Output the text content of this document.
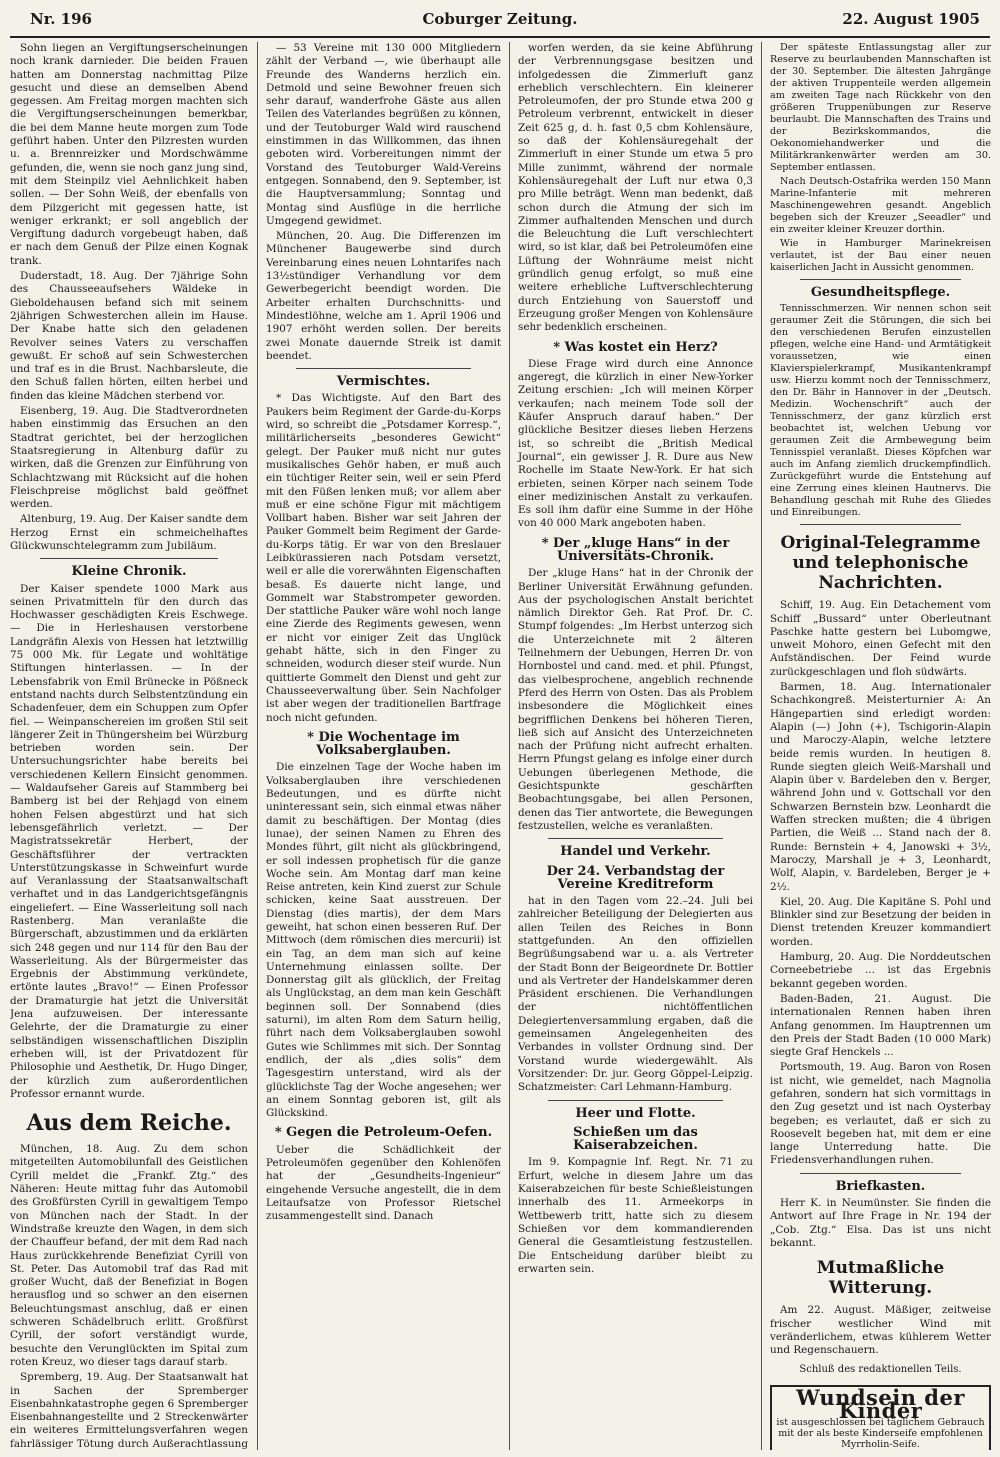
Nr. 196	Coburger Zeitung.	22. August 1905

Sohn liegen an Vergiftungserscheinungen noch krank darnieder. Die beiden Frauen hatten am Donnerstag nachmittag Pilze gesucht und diese an demselben Abend gegessen. Am Freitag morgen machten sich die Vergiftungserscheinungen bemerkbar, die bei dem Manne heute morgen zum Tode geführt haben. Unter den Pilzresten wurden u. a. Brennreizker und Mordschwämme gefunden, die, wenn sie noch ganz jung sind, mit dem Steinpilz viel Aehnlichkeit haben sollen. — Der Sohn Weiß, der ebenfalls von dem Pilzgericht mit gegessen hatte, ist weniger erkrankt; er soll angeblich der Vergiftung dadurch vorgebeugt haben, daß er nach dem Genuß der Pilze einen Kognak trank.

Duderstadt, 18. Aug. Der 7jährige Sohn des Chausseeaufsehers Wäldeke in Gieboldehausen befand sich mit seinem 2jährigen Schwesterchen allein im Hause. Der Knabe hatte sich den geladenen Revolver seines Vaters zu verschaffen gewußt. Er schoß auf sein Schwesterchen und traf es in die Brust. Nachbarsleute, die den Schuß fallen hörten, eilten herbei und finden das kleine Mädchen sterbend vor.

Eisenberg, 19. Aug. Die Stadtverordneten haben einstimmig das Ersuchen an den Stadtrat gerichtet, bei der herzoglichen Staatsregierung in Altenburg dafür zu wirken, daß die Grenzen zur Einführung von Schlachtzwang mit Rücksicht auf die hohen Fleischpreise möglichst bald geöffnet werden.

Altenburg, 19. Aug. Der Kaiser sandte dem Herzog Ernst ein schmeichelhaftes Glückwunschtelegramm zum Jubiläum.

Kleine Chronik.

Der Kaiser spendete 1000 Mark aus seinen Privatmitteln für den durch das Hochwasser geschädigten Kreis Eschwege. — Die in Herleshausen verstorbene Landgräfin Alexis von Hessen hat letztwillig 75 000 Mk. für Legate und wohltätige Stiftungen hinterlassen. — In der Lebensfabrik von Emil Brünecke in Pößneck entstand nachts durch Selbstentzündung ein Schadenfeuer, dem ein Schuppen zum Opfer fiel. — Weinpanschereien im großen Stil seit längerer Zeit in Thüngersheim bei Würzburg betrieben worden sein. Der Untersuchungsrichter habe bereits bei verschiedenen Kellern Einsicht genommen. — Waldaufseher Gareis auf Stammberg bei Bamberg ist bei der Rehjagd von einem hohen Felsen abgestürzt und hat sich lebensgefährlich verletzt. — Der Magistratssekretär Herbert, der Geschäftsführer der vertrackten Unterstützungskasse in Schweinfurt wurde auf Veranlassung der Staatsanwaltschaft verhaftet und in das Landgerichtsgefängnis eingeliefert. — Eine Wasserleitung soll nach Rastenberg. Man veranlaßte die Bürgerschaft, abzustimmen und da erklärten sich 248 gegen und nur 114 für den Bau der Wasserleitung. Als der Bürgermeister das Ergebnis der Abstimmung verkündete, ertönte lautes „Bravo!“ — Einen Professor der Dramaturgie hat jetzt die Universität Jena aufzuweisen. Der interessante Gelehrte, der die Dramaturgie zu einer selbständigen wissenschaftlichen Disziplin erheben will, ist der Privatdozent für Philosophie und Aesthetik, Dr. Hugo Dinger, der kürzlich zum außerordentlichen Professor ernannt wurde.

Aus dem Reiche.

München, 18. Aug. Zu dem schon mitgeteilten Automobilunfall des Geistlichen Cyrill meldet die „Frankf. Ztg.“ des Näheren: Heute mittag fuhr das Automobil des Großfürsten Cyrill in gewaltigem Tempo von München nach der Stadt. In der Windstraße kreuzte den Wagen, in dem sich der Chauffeur befand, der mit dem Rad nach Haus zurückkehrende Benefiziat Cyrill von St. Peter. Das Automobil traf das Rad mit großer Wucht, daß der Benefiziat in Bogen herausflog und so schwer an den eisernen Beleuchtungsmast anschlug, daß er einen schweren Schädelbruch erlitt. Großfürst Cyrill, der sofort verständigt wurde, besuchte den Verunglückten im Spital zum roten Kreuz, wo dieser tags darauf starb.

Spremberg, 19. Aug. Der Staatsanwalt hat in Sachen der Spremberger Eisenbahnkatastrophe gegen 6 Spremberger Eisenbahnangestellte und 2 Streckenwärter ein weiteres Ermittelungsverfahren wegen fahrlässiger Tötung durch Außerachtlassung

— 53 Vereine mit 130 000 Mitgliedern zählt der Verband —, wie überhaupt alle Freunde des Wanderns herzlich ein. Detmold und seine Bewohner freuen sich sehr darauf, wanderfrohe Gäste aus allen Teilen des Vaterlandes begrüßen zu können, und der Teutoburger Wald wird rauschend einstimmen in das Willkommen, das ihnen geboten wird. Vorbereitungen nimmt der Vorstand des Teutoburger Wald-Vereins entgegen. Sonnabend, den 9. September, ist die Hauptversammlung; Sonntag und Montag sind Ausflüge in die herrliche Umgegend gewidmet.

München, 20. Aug. Die Differenzen im Münchener Baugewerbe sind durch Vereinbarung eines neuen Lohntarifes nach 13½stündiger Verhandlung vor dem Gewerbegericht beendigt worden. Die Arbeiter erhalten Durchschnitts- und Mindestlöhne, welche am 1. April 1906 und 1907 erhöht werden sollen. Der bereits zwei Monate dauernde Streik ist damit beendet.

Vermischtes.

* Das Wichtigste. Auf den Bart des Paukers beim Regiment der Garde-du-Korps wird, so schreibt die „Potsdamer Korresp.“, militärlicherseits „besonderes Gewicht“ gelegt. Der Pauker muß nicht nur gutes musikalisches Gehör haben, er muß auch ein tüchtiger Reiter sein, weil er sein Pferd mit den Füßen lenken muß; vor allem aber muß er eine schöne Figur mit mächtigem Vollbart haben. Bisher war seit Jahren der Pauker Gommelt beim Regiment der Garde-du-Korps tätig. Er war von den Breslauer Leibkürassieren nach Potsdam versetzt, weil er alle die vorerwähnten Eigenschaften besaß. Es dauerte nicht lange, und Gommelt war Stabstrompeter geworden. Der stattliche Pauker wäre wohl noch lange eine Zierde des Regiments gewesen, wenn er nicht vor einiger Zeit das Unglück gehabt hätte, sich in den Finger zu schneiden, wodurch dieser steif wurde. Nun quittierte Gommelt den Dienst und geht zur Chausseeverwaltung über. Sein Nachfolger ist aber wegen der traditionellen Bartfrage noch nicht gefunden.

* Die Wochentage im Volksaberglauben.

Die einzelnen Tage der Woche haben im Volksaberglauben ihre verschiedenen Bedeutungen, und es dürfte nicht uninteressant sein, sich einmal etwas näher damit zu beschäftigen. Der Montag (dies lunae), der seinen Namen zu Ehren des Mondes führt, gilt nicht als glückbringend, er soll indessen prophetisch für die ganze Woche sein. Am Montag darf man keine Reise antreten, kein Kind zuerst zur Schule schicken, keine Saat ausstreuen. Der Dienstag (dies martis), der dem Mars geweiht, hat schon einen besseren Ruf. Der Mittwoch (dem römischen dies mercurii) ist ein Tag, an dem man sich auf keine Unternehmung einlassen sollte. Der Donnerstag gilt als glücklich, der Freitag als Unglückstag, an dem man kein Geschäft beginnen soll. Der Sonnabend (dies saturni), im alten Rom dem Saturn heilig, führt nach dem Volksaberglauben sowohl Gutes wie Schlimmes mit sich. Der Sonntag endlich, der als „dies solis“ dem Tagesgestirn unterstand, wird als der glücklichste Tag der Woche angesehen; wer an einem Sonntag geboren ist, gilt als Glückskind.

* Gegen die Petroleum-Oefen.

Ueber die Schädlichkeit der Petroleumöfen gegenüber den Kohlenöfen hat der „Gesundheits-Ingenieur“ eingehende Versuche angestellt, die in dem Leitaufsatze von Professor Rietschel zusammengestellt sind. Danach

worfen werden, da sie keine Abführung der Verbrennungsgase besitzen und infolgedessen die Zimmerluft ganz erheblich verschlechtern. Ein kleinerer Petroleumofen, der pro Stunde etwa 200 g Petroleum verbrennt, entwickelt in dieser Zeit 625 g, d. h. fast 0,5 cbm Kohlensäure, so daß der Kohlensäuregehalt der Zimmerluft in einer Stunde um etwa 5 pro Mille zunimmt, während der normale Kohlensäuregehalt der Luft nur etwa 0,3 pro Mille beträgt. Wenn man bedenkt, daß schon durch die Atmung der sich im Zimmer aufhaltenden Menschen und durch die Beleuchtung die Luft verschlechtert wird, so ist klar, daß bei Petroleumöfen eine Lüftung der Wohnräume meist nicht gründlich genug erfolgt, so muß eine weitere erhebliche Luftverschlechterung durch Entziehung von Sauerstoff und Erzeugung großer Mengen von Kohlensäure sehr bedenklich erscheinen.

* Was kostet ein Herz?

Diese Frage wird durch eine Annonce angeregt, die kürzlich in einer New-Yorker Zeitung erschien: „Ich will meinen Körper verkaufen; nach meinem Tode soll der Käufer Anspruch darauf haben.“ Der glückliche Besitzer dieses lieben Herzens ist, so schreibt die „British Medical Journal“, ein gewisser J. R. Dure aus New Rochelle im Staate New-York. Er hat sich erbieten, seinen Körper nach seinem Tode einer medizinischen Anstalt zu verkaufen. Es soll ihm dafür eine Summe in der Höhe von 40 000 Mark angeboten haben.

* Der „kluge Hans“ in der Universitäts-Chronik.

Der „kluge Hans“ hat in der Chronik der Berliner Universität Erwähnung gefunden. Aus der psychologischen Anstalt berichtet nämlich Direktor Geh. Rat Prof. Dr. C. Stumpf folgendes: „Im Herbst unterzog sich die Unterzeichnete mit 2 älteren Teilnehmern der Uebungen, Herren Dr. von Hornbostel und cand. med. et phil. Pfungst, das vielbesprochene, angeblich rechnende Pferd des Herrn von Osten. Das als Problem insbesondere die Möglichkeit eines begrifflichen Denkens bei höheren Tieren, ließ sich auf Ansicht des Unterzeichneten nach der Prüfung nicht aufrecht erhalten. Herrn Pfungst gelang es infolge einer durch Uebungen überlegenen Methode, die Gesichtspunkte geschärften Beobachtungsgabe, bei allen Personen, denen das Tier antwortete, die Bewegungen festzustellen, welche es veranlaßten.

Handel und Verkehr.
Der 24. Verbandstag der Vereine Kreditreform

hat in den Tagen vom 22.–24. Juli bei zahlreicher Beteiligung der Delegierten aus allen Teilen des Reiches in Bonn stattgefunden. An den offiziellen Begrüßungsabend war u. a. als Vertreter der Stadt Bonn der Beigeordnete Dr. Bottler und als Vertreter der Handelskammer deren Präsident erschienen. Die Verhandlungen der nichtöffentlichen Delegiertenversammlung ergaben, daß die gemeinsamen Angelegenheiten des Verbandes in vollster Ordnung sind. Der Vorstand wurde wiedergewählt. Als Vorsitzender: Dr. jur. Georg Göppel-Leipzig. Schatzmeister: Carl Lehmann-Hamburg.

Heer und Flotte.
Schießen um das Kaiserabzeichen.

Im 9. Kompagnie Inf. Regt. Nr. 71 zu Erfurt, welche in diesem Jahre um das Kaiserabzeichen für beste Schießleistungen innerhalb des 11. Armeekorps in Wettbewerb tritt, hatte sich zu diesem Schießen vor dem kommandierenden General die Gesamtleistung festzustellen. Die Entscheidung darüber bleibt zu erwarten sein.

Der späteste Entlassungstag aller zur Reserve zu beurlaubenden Mannschaften ist der 30. September. Die ältesten Jahrgänge der aktiven Truppenteile werden allgemein am zweiten Tage nach Rückkehr von den größeren Truppenübungen zur Reserve beurlaubt. Die Mannschaften des Trains und der Bezirkskommandos, die Oekonomiehandwerker und die Militärkrankenwärter werden am 30. September entlassen.

Nach Deutsch-Ostafrika werden 150 Mann Marine-Infanterie mit mehreren Maschinengewehren gesandt. Angeblich begeben sich der Kreuzer „Seeadler“ und ein zweiter kleiner Kreuzer dorthin.

Wie in Hamburger Marinekreisen verlautet, ist der Bau einer neuen kaiserlichen Jacht in Aussicht genommen.

Gesundheitspflege.

Tennisschmerzen. Wir nennen schon seit geraumer Zeit die Störungen, die sich bei den verschiedenen Berufen einzustellen pflegen, welche eine Hand- und Armtätigkeit voraussetzen, wie einen Klavierspielerkrampf, Musikantenkrampf usw. Hierzu kommt noch der Tennisschmerz, den Dr. Bähr in Hannover in der „Deutsch. Medizin. Wochenschrift“ auch der Tennisschmerz, der ganz kürzlich erst beobachtet ist, welchen Uebung vor geraumen Zeit die Armbewegung beim Tennisspiel veranlaßt. Dieses Köpfchen war auch im Anfang ziemlich druckempfindlich. Zurückgeführt wurde die Entstehung auf eine Zerrung eines kleinen Hautnervs. Die Behandlung geschah mit Ruhe des Gliedes und Einreibungen.

Original-Telegramme und telephonische Nachrichten.

Schiff, 19. Aug. Ein Detachement vom Schiff „Bussard“ unter Oberleutnant Paschke hatte gestern bei Lubomgwe, unweit Mohoro, einen Gefecht mit den Aufständischen. Der Feind wurde zurückgeschlagen und floh südwärts.

Barmen, 18. Aug. Internationaler Schachkongreß. Meisterturnier A: An Hängepartien sind erledigt worden: Alapin (—) John (+), Tschigorin-Alapin und Maroczy-Alapin, welche letztere beide remis wurden. In heutigen 8. Runde siegten gleich Weiß-Marshall und Alapin über v. Bardeleben den v. Berger, während John und v. Gottschall vor den Schwarzen Bernstein bzw. Leonhardt die Waffen strecken mußten; die 4 übrigen Partien, die Weiß ... Stand nach der 8. Runde: Bernstein + 4, Janowski + 3½, Maroczy, Marshall je + 3, Leonhardt, Wolf, Alapin, v. Bardeleben, Berger je + 2½.

Kiel, 20. Aug. Die Kapitäne S. Pohl und Blinkler sind zur Besetzung der beiden in Dienst tretenden Kreuzer kommandiert worden.

Hamburg, 20. Aug. Die Norddeutschen Corneebetriebe ... ist das Ergebnis bekannt gegeben worden.

Baden-Baden, 21. August. Die internationalen Rennen haben ihren Anfang genommen. Im Hauptrennen um den Preis der Stadt Baden (10 000 Mark) siegte Graf Henckels ...

Portsmouth, 19. Aug. Baron von Rosen ist nicht, wie gemeldet, nach Magnolia gefahren, sondern hat sich vormittags in den Zug gesetzt und ist nach Oysterbay begeben; es verlautet, daß er sich zu Roosevelt begeben hat, mit dem er eine lange Unterredung hatte. Die Friedensverhandlungen ruhen.

Briefkasten.

Herr K. in Neumünster. Sie finden die Antwort auf Ihre Frage in Nr. 194 der „Cob. Ztg.“ Elsa. Das ist uns nicht bekannt.

Mutmaßliche Witterung.

Am 22. August. Mäßiger, zeitweise frischer westlicher Wind mit veränderlichem, etwas kühlerem Wetter und Regenschauern.

Schluß des redaktionellen Teils.
Wundsein der Kinder
ist ausgeschlossen bei täglichem Gebrauch mit der als beste Kinderseife empfohlenen Myrrholin-Seife.
